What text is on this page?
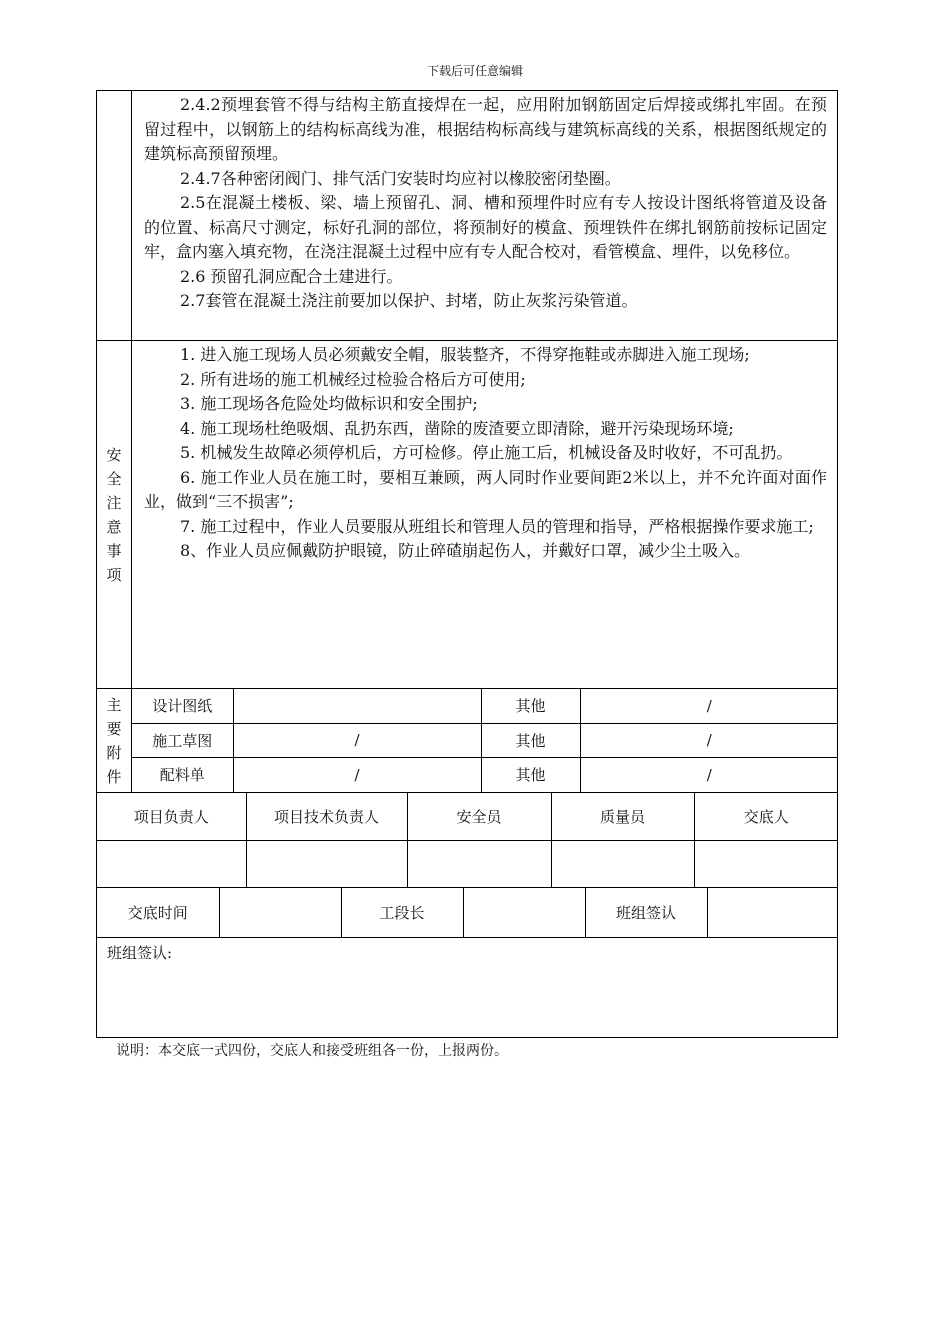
下载后可任意编辑

2.4.2预埋套管不得与结构主筋直接焊在一起，应用附加钢筋固定后焊接或绑扎牢固。在预留过程中，以钢筋上的结构标高线为准，根据结构标高线与建筑标高线的关系，根据图纸规定的建筑标高预留预埋。

2.4.7各种密闭阀门、排气活门安装时均应衬以橡胶密闭垫圈。

2.5在混凝土楼板、梁、墙上预留孔、洞、槽和预埋件时应有专人按设计图纸将管道及设备的位置、标高尺寸测定，标好孔洞的部位，将预制好的模盒、预埋铁件在绑扎钢筋前按标记固定牢，盒内塞入填充物，在浇注混凝土过程中应有专人配合校对，看管模盒、埋件，以免移位。

2.6 预留孔洞应配合土建进行。

2.7套管在混凝土浇注前要加以保护、封堵，防止灰浆污染管道。

安
全
注
意
事
项

1. 进入施工现场人员必须戴安全帽，服装整齐，不得穿拖鞋或赤脚进入施工现场;

2. 所有进场的施工机械经过检验合格后方可使用;

3. 施工现场各危险处均做标识和安全围护;

4. 施工现场杜绝吸烟、乱扔东西，凿除的废渣要立即清除，避开污染现场环境;

5. 机械发生故障必须停机后，方可检修。停止施工后，机械设备及时收好，不可乱扔。

6. 施工作业人员在施工时，要相互兼顾，两人同时作业要间距2米以上，并不允许面对面作业，做到“三不损害”;

7. 施工过程中，作业人员要服从班组长和管理人员的管理和指导，严格根据操作要求施工;

8、作业人员应佩戴防护眼镜，防止碎碴崩起伤人，并戴好口罩，减少尘土吸入。

主
要
附
件

设计图纸		其他	/
施工草图	/	其他	/
配料单	/	其他	/

项目负责人	项目技术负责人	安全员	质量员	交底人

交底时间		工段长		班组签认	

班组签认:
说明：本交底一式四份，交底人和接受班组各一份，上报两份。
